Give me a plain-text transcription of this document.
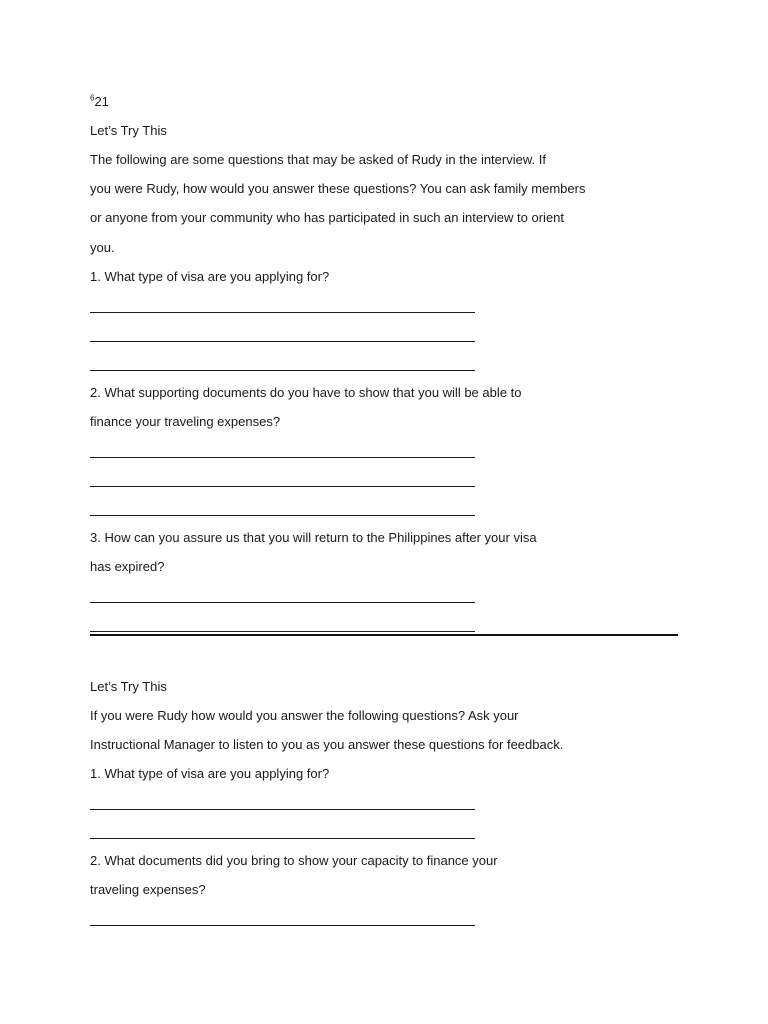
$^6$21
Let’s Try This
The following are some questions that may be asked of Rudy in the interview. If
you were Rudy, how would you answer these questions? You can ask family members
or anyone from your community who has participated in such an interview to orient
you.
1. What type of visa are you applying for?
2. What supporting documents do you have to show that you will be able to
finance your traveling expenses?
3. How can you assure us that you will return to the Philippines after your visa
has expired?
Let’s Try This
If you were Rudy how would you answer the following questions? Ask your
Instructional Manager to listen to you as you answer these questions for feedback.
1. What type of visa are you applying for?
2. What documents did you bring to show your capacity to finance your
traveling expenses?
